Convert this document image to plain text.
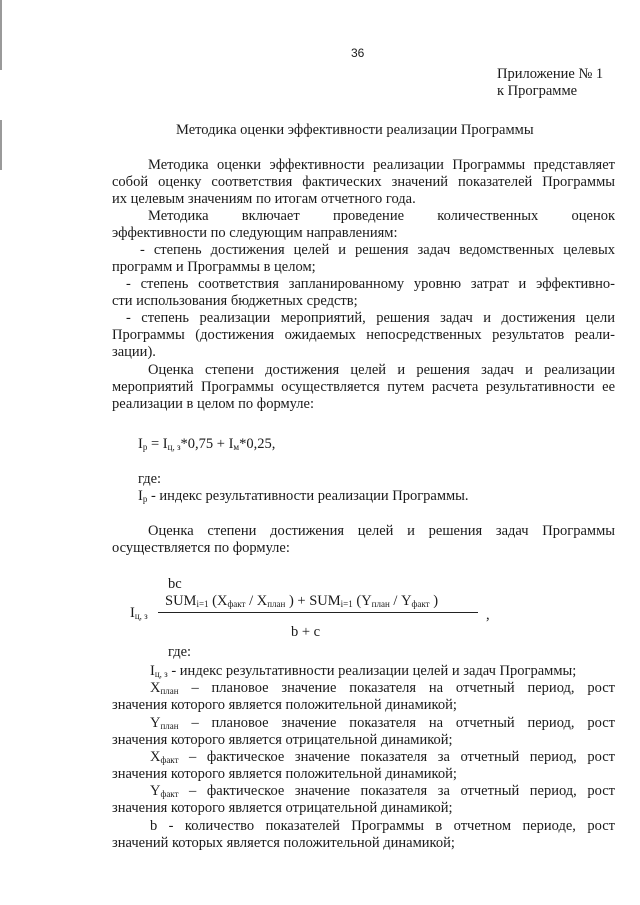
36
Приложение № 1
к Программе
Методика оценки эффективности реализации Программы
Методика оценки эффективности реализации Программы представляет
собой оценку соответствия фактических значений показателей Программы
их целевым значениям по итогам отчетного года.
Методика включает проведение количественных оценок
эффективности по следующим направлениям:
- степень достижения целей и решения задач ведомственных целевых
программ и Программы в целом;
- степень соответствия запланированному уровню затрат и эффективно-
сти использования бюджетных средств;
- степень реализации мероприятий, решения задач и достижения цели
Программы (достижения ожидаемых непосредственных результатов реали-
зации).
Оценка степени достижения целей и решения задач и реализации
мероприятий Программы осуществляется путем расчета результативности ее
реализации в целом по формуле:
$I_р = I_{ц, з}*0,75 + I_м*0,25$,
где:
$I_р$ - индекс результативности реализации Программы.
Оценка степени достижения целей и решения задач Программы
осуществляется по формуле:
bc
$SUM_{i=1}$ ($X_{факт} / X_{план}$ ) + $SUM_{i=1}$ ($Y_{план} / Y_{факт}$ )
$I_{ц, з}$	,
b + c
где:
$I_{ц, з}$ - индекс результативности реализации целей и задач Программы;
$X_{план}$ – плановое значение показателя на отчетный период, рост
значения которого является положительной динамикой;
$Y_{план}$ – плановое значение показателя на отчетный период, рост
значения которого является отрицательной динамикой;
$X_{факт}$ – фактическое значение показателя за отчетный период, рост
значения которого является положительной динамикой;
$Y_{факт}$ – фактическое значение показателя за отчетный период, рост
значения которого является отрицательной динамикой;
b - количество показателей Программы в отчетном периоде, рост
значений которых является положительной динамикой;
